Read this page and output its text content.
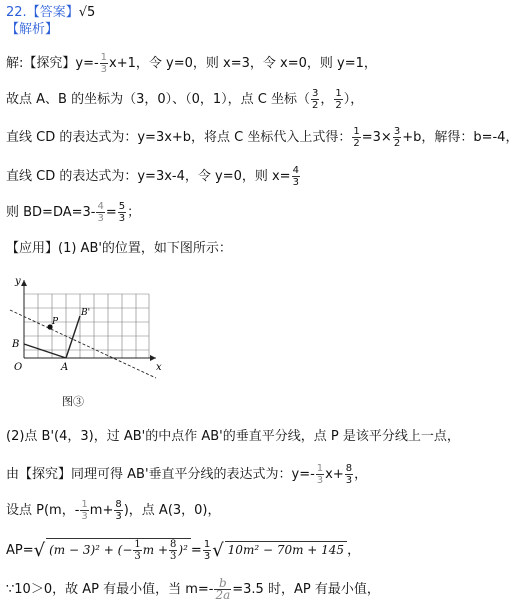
22.【答案】√5
【解析】
解:【探究】$y=- \frac{1}{3} x+1$，令 y=0，则 x=3，令 x=0，则 y=1，
故点 A、B 的坐标为（3，0）、（0，1），点 C 坐标（ $\frac{3}{2}$ ， $\frac{1}{2}$ ），
直线 CD 的表达式为：y=3x+b，将点 C 坐标代入上式得： $\frac{1}{2} =3\times \frac{3}{2} +b$，解得：b=-4，
直线 CD 的表达式为：y=3x-4，令 y=0，则 $x= \frac{4}{3}$
则 $BD=DA=3- \frac{4}{3} = \frac{5}{3}$ ；
【应用】(1) AB'的位置，如下图所示：
y
x
O
B
A
P
B'
图③
(2)点 B'(4，3)，过 AB'的中点作 AB'的垂直平分线，点 P 是该平分线上一点，
由【探究】同理可得 AB'垂直平分线的表达式为：$y=- \frac{1}{3} x+ \frac{8}{3}$ ，
设点 P(m，- $\frac{1}{3} m+ \frac{8}{3}$ )，点 A(3，0)，
AP=√ (m − 3)² + (− $\frac{1}{3}$ $m + \frac{8}{3} )^2 = \frac{1}{3}$ √ 10m² − 70m + 145 ，
∵10＞0，故 AP 有最小值，当 $m=- \frac{b}{2a} =3.5$ 时，AP 有最小值，
